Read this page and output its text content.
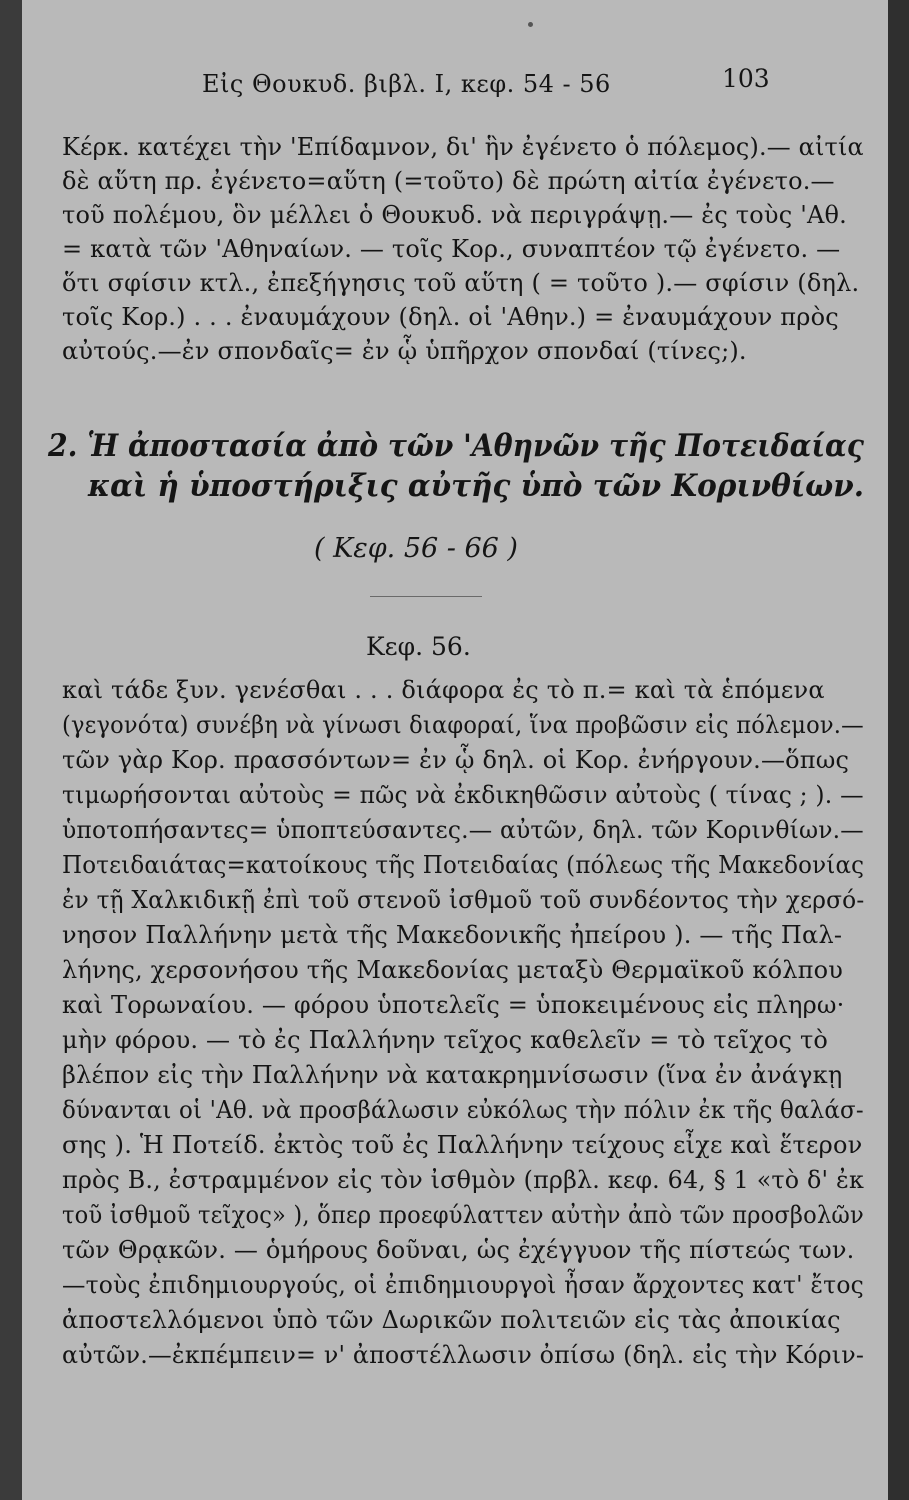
Εἰς Θουκυδ. βιβλ. Ι, κεφ. 54 - 56	103
Κέρκ. κατέχει τὴν 'Επίδαμνον, δι' ἣν ἐγένετο ὁ πόλεμος).— αἰτία
δὲ αὕτη πρ. ἐγένετο=αὕτη (=τοῦτο) δὲ πρώτη αἰτία ἐγένετο.—
τοῦ πολέμου, ὃν μέλλει ὁ Θουκυδ. νὰ περιγράψῃ.— ἐς τοὺς 'Αθ.
= κατὰ τῶν 'Αθηναίων. — τοῖς Κορ., συναπτέον τῷ ἐγένετο. —
ὅτι σφίσιν κτλ., ἐπεξήγησις τοῦ αὕτη ( = τοῦτο ).— σφίσιν (δηλ.
τοῖς Κορ.) . . . ἐναυμάχουν (δηλ. οἱ 'Αθην.) = ἐναυμάχουν πρὸς
αὐτούς.—ἐν σπονδαῖς= ἐν ᾧ ὑπῆρχον σπονδαί (τίνες;).
2. Ἡ ἀποστασία ἀπὸ τῶν 'Αθηνῶν τῆς Ποτειδαίας
καὶ ἡ ὑποστήριξις αὐτῆς ὑπὸ τῶν Κορινθίων.
( Κεφ. 56 - 66 )
Κεφ. 56.
καὶ τάδε ξυν. γενέσθαι . . . διάφορα ἐς τὸ π.= καὶ τὰ ἑπόμενα
(γεγονότα) συνέβη νὰ γίνωσι διαφοραί, ἵνα προβῶσιν εἰς πόλεμον.—
τῶν γὰρ Κορ. πρασσόντων= ἐν ᾧ δηλ. οἱ Κορ. ἐνήργουν.—ὅπως
τιμωρήσονται αὐτοὺς = πῶς νὰ ἐκδικηθῶσιν αὐτοὺς ( τίνας ; ). —
ὑποτοπήσαντες= ὑποπτεύσαντες.— αὐτῶν, δηλ. τῶν Κορινθίων.—
Ποτειδαιάτας=κατοίκους τῆς Ποτειδαίας (πόλεως τῆς Μακεδονίας
ἐν τῇ Χαλκιδικῇ ἐπὶ τοῦ στενοῦ ἰσθμοῦ τοῦ συνδέοντος τὴν χερσό-
νησον Παλλήνην μετὰ τῆς Μακεδονικῆς ἠπείρου ). — τῆς Παλ-
λήνης, χερσονήσου τῆς Μακεδονίας μεταξὺ Θερμαϊκοῦ κόλπου
καὶ Τορωναίου. — φόρου ὑποτελεῖς = ὑποκειμένους εἰς πληρω·
μὴν φόρου. — τὸ ἐς Παλλήνην τεῖχος καθελεῖν = τὸ τεῖχος τὸ
βλέπον εἰς τὴν Παλλήνην νὰ κατακρημνίσωσιν (ἵνα ἐν ἀνάγκῃ
δύνανται οἱ 'Αθ. νὰ προσβάλωσιν εὐκόλως τὴν πόλιν ἐκ τῆς θαλάσ-
σης ). Ἡ Ποτείδ. ἐκτὸς τοῦ ἐς Παλλήνην τείχους εἶχε καὶ ἕτερον
πρὸς Β., ἐστραμμένον εἰς τὸν ἰσθμὸν (πρβλ. κεφ. 64, § 1 «τὸ δ' ἐκ
τοῦ ἰσθμοῦ τεῖχος» ), ὅπερ προεφύλαττεν αὐτὴν ἀπὸ τῶν προσβολῶν
τῶν Θρᾳκῶν. — ὁμήρους δοῦναι, ὡς ἐχέγγυον τῆς πίστεώς των.
—τοὺς ἐπιδημιουργούς, οἱ ἐπιδημιουργοὶ ἦσαν ἄρχοντες κατ' ἔτος
ἀποστελλόμενοι ὑπὸ τῶν Δωρικῶν πολιτειῶν εἰς τὰς ἀποικίας
αὐτῶν.—ἐκπέμπειν= ν' ἀποστέλλωσιν ὀπίσω (δηλ. εἰς τὴν Κόριν-
